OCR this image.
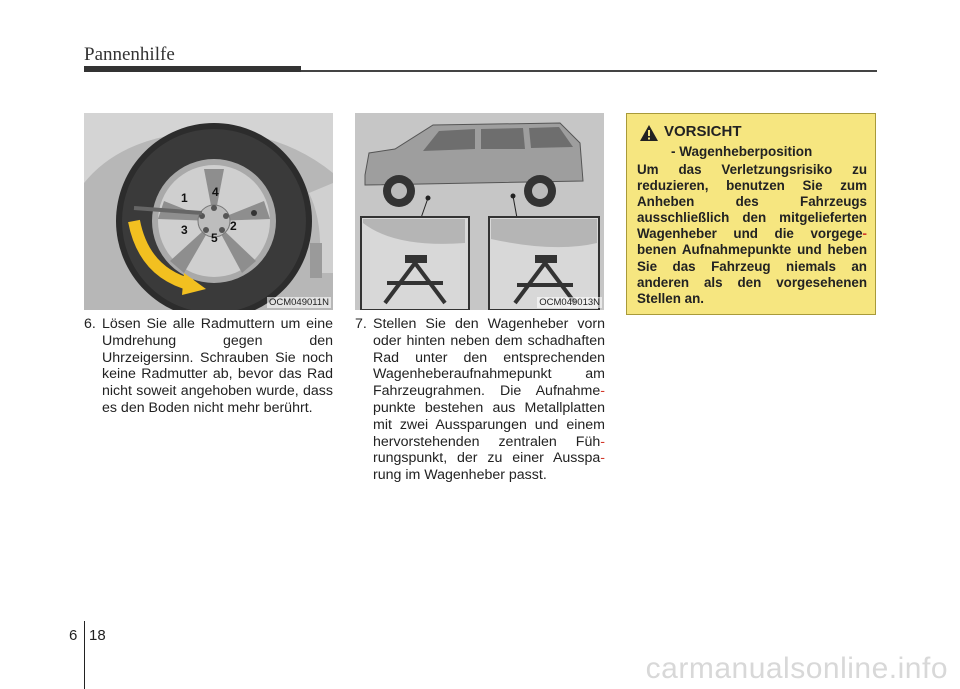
Pannenhilfe
1
2
3
4
5
OCM049011N	OCM049013N
6. Lösen Sie alle Radmuttern um eine Umdrehung gegen den Uhrzeigersinn. Schrauben Sie noch keine Radmutter ab, bevor das Rad nicht soweit angehoben wurde, dass es den Boden nicht mehr berührt.
7. Stellen Sie den Wagenheber vorn oder hinten neben dem schadhaften Rad unter den entsprechenden Wagenheberaufnahmepunkt am Fahrzeugrahmen. Die Aufnahme-punkte bestehen aus Metallplatten mit zwei Aussparungen und einem hervorstehenden zentralen Füh-rungspunkt, der zu einer Ausspa-rung im Wagenheber passt.
VORSICHT
- Wagenheberposition
Um das Verletzungsrisiko zu reduzieren, benutzen Sie zum Anheben des Fahrzeugs ausschließlich den mitgelieferten Wagenheber und die vorgege-benen Aufnahmepunkte und heben Sie das Fahrzeug niemals an anderen als den vorgesehenen Stellen an.
6 18
carmanualsonline.info
